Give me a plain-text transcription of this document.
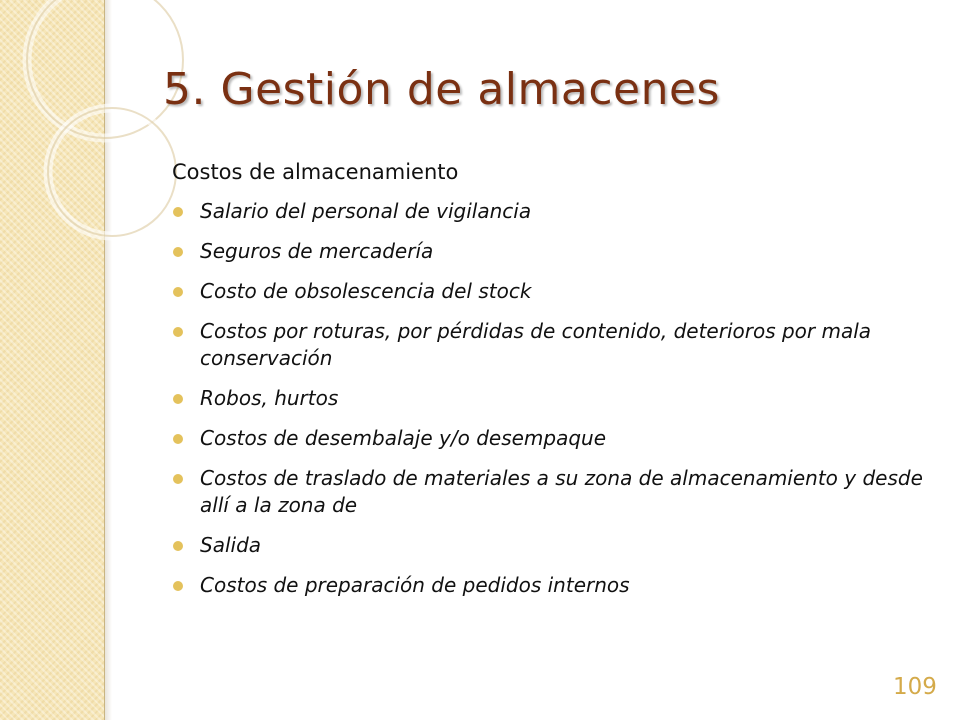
5. Gestión de almacenes
Costos de almacenamiento
Salario del personal de vigilancia
Seguros de mercadería
Costo de obsolescencia del stock
Costos por roturas, por pérdidas de contenido, deterioros por mala conservación
Robos, hurtos
Costos de desembalaje y/o desempaque
Costos de traslado de materiales a su zona de almacenamiento y desde allí a la zona de
Salida
Costos de preparación de pedidos internos
109
